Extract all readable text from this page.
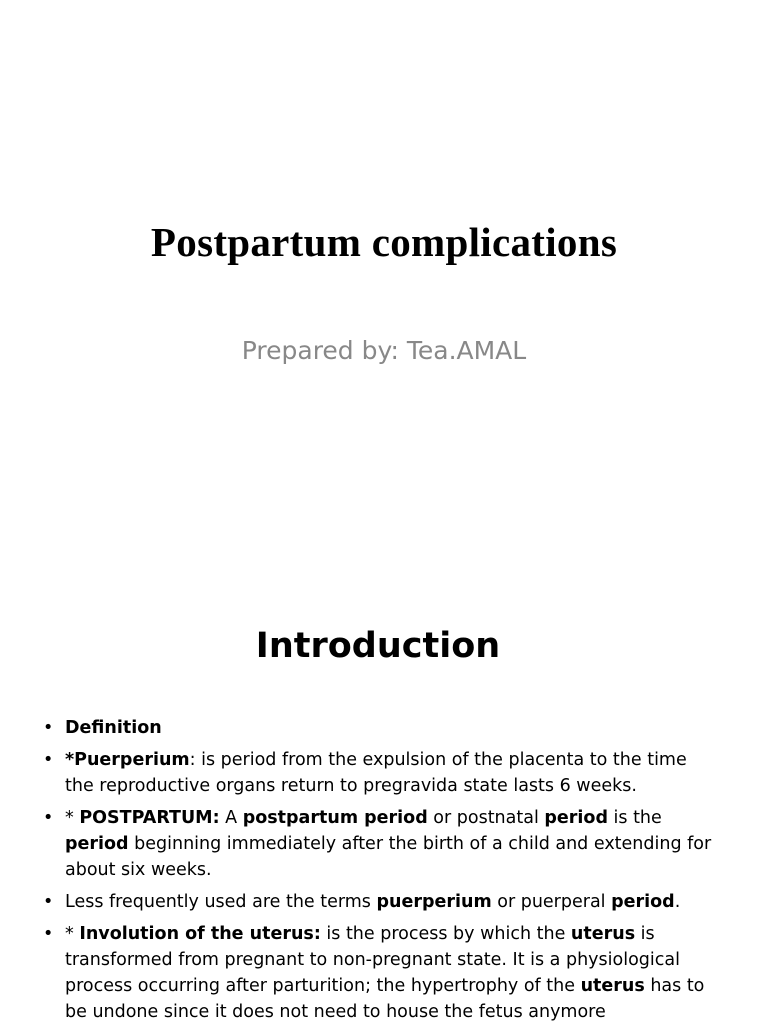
Postpartum complications
Prepared by: Tea.AMAL
Introduction
• Definition
• *Puerperium: is period from the expulsion of the placenta to the time the reproductive organs return to pregravida state lasts 6 weeks.
• * POSTPARTUM: A postpartum period or postnatal period is the period beginning immediately after the birth of a child and extending for about six weeks.
• Less frequently used are the terms puerperium or puerperal period.
• * Involution of the uterus: is the process by which the uterus is transformed from pregnant to non-pregnant state. It is a physiological process occurring after parturition; the hypertrophy of the uterus has to be undone since it does not need to house the fetus anymore
